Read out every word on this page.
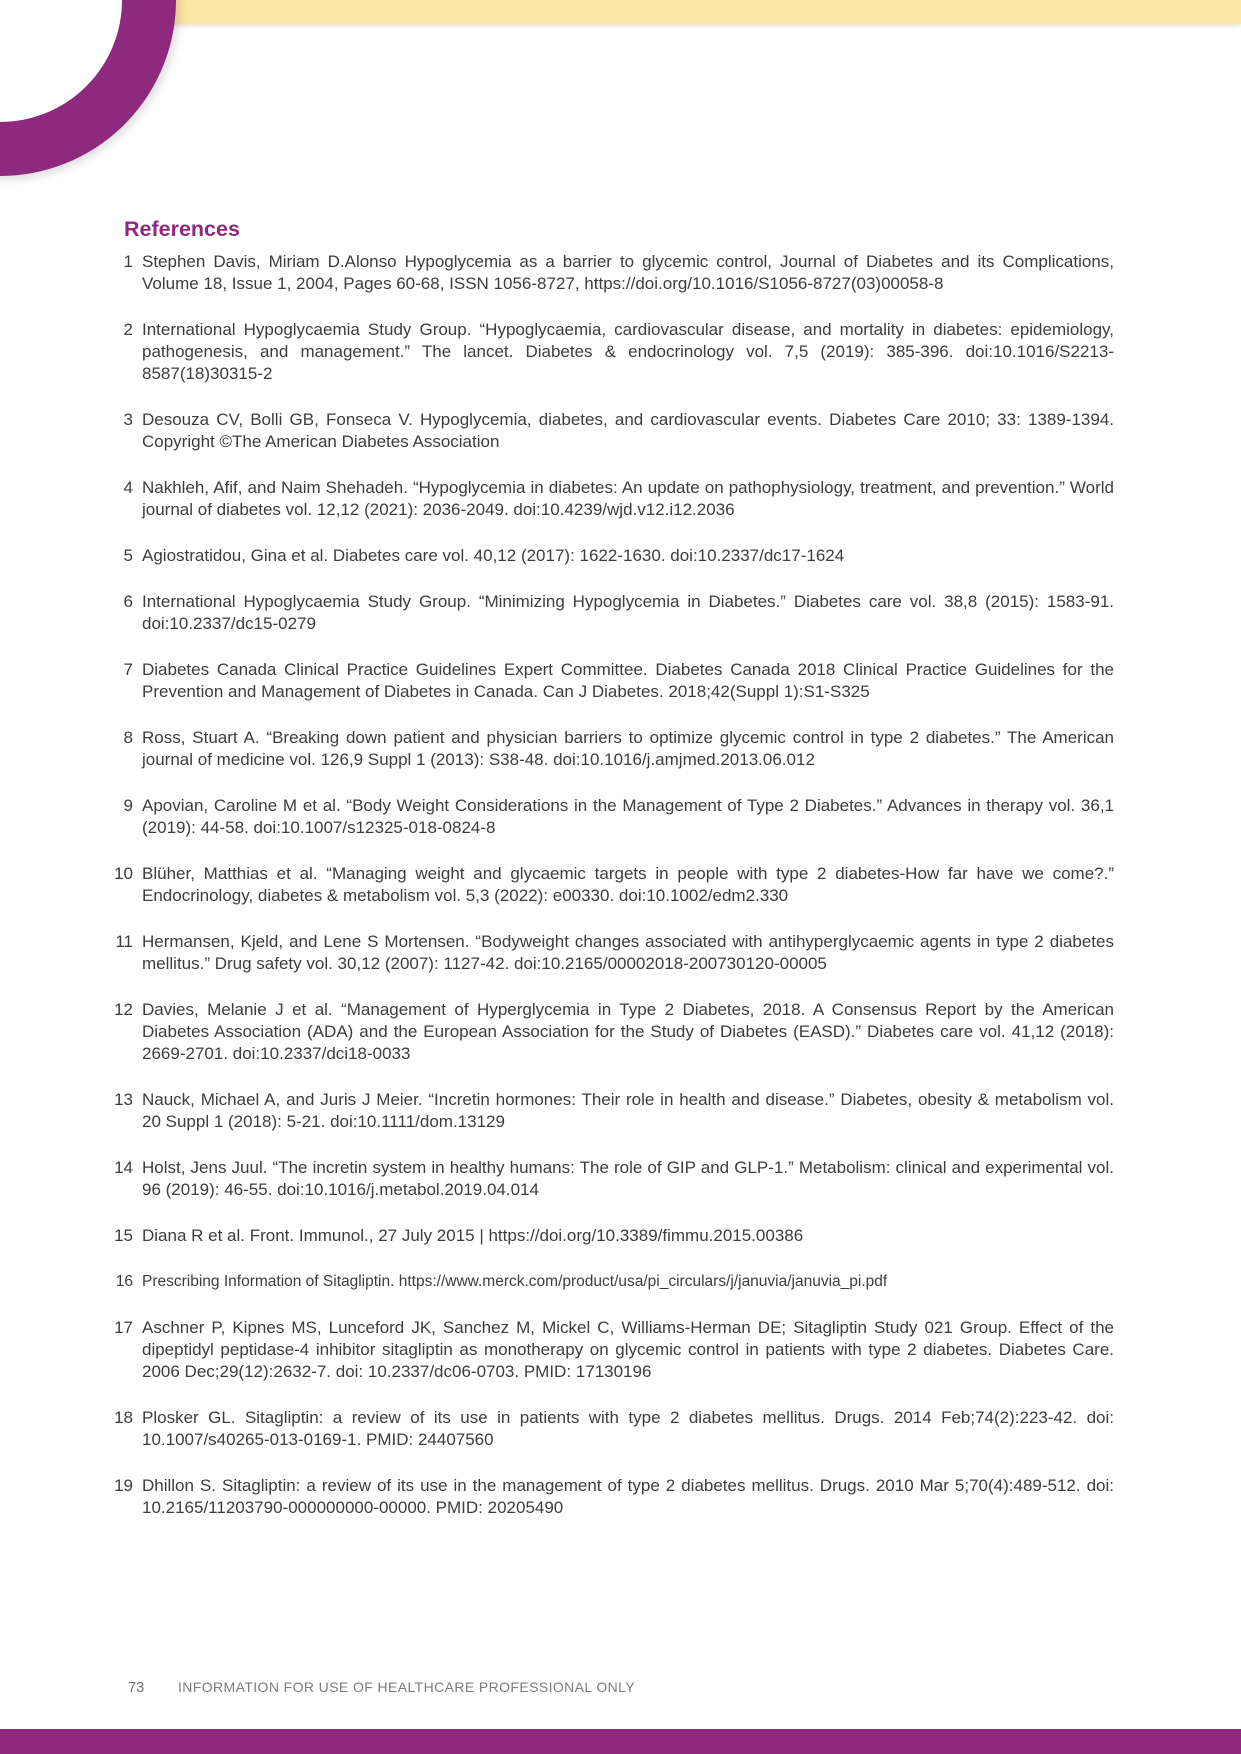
References
1 Stephen Davis, Miriam D.Alonso Hypoglycemia as a barrier to glycemic control, Journal of Diabetes and its Complications, Volume 18, Issue 1, 2004, Pages 60-68, ISSN 1056-8727, https://doi.org/10.1016/S1056-8727(03)00058-8

2 International Hypoglycaemia Study Group. “Hypoglycaemia, cardiovascular disease, and mortality in diabetes: epidemiology, pathogenesis, and management.” The lancet. Diabetes & endocrinology vol. 7,5 (2019): 385-396. doi:10.1016/S2213-8587(18)30315-2

3 Desouza CV, Bolli GB, Fonseca V. Hypoglycemia, diabetes, and cardiovascular events. Diabetes Care 2010; 33: 1389-1394. Copyright ©The American Diabetes Association

4 Nakhleh, Afif, and Naim Shehadeh. “Hypoglycemia in diabetes: An update on pathophysiology, treatment, and prevention.” World journal of diabetes vol. 12,12 (2021): 2036-2049. doi:10.4239/wjd.v12.i12.2036

5 Agiostratidou, Gina et al. Diabetes care vol. 40,12 (2017): 1622-1630. doi:10.2337/dc17-1624

6 International Hypoglycaemia Study Group. “Minimizing Hypoglycemia in Diabetes.” Diabetes care vol. 38,8 (2015): 1583-91. doi:10.2337/dc15-0279

7 Diabetes Canada Clinical Practice Guidelines Expert Committee. Diabetes Canada 2018 Clinical Practice Guidelines for the Prevention and Management of Diabetes in Canada. Can J Diabetes. 2018;42(Suppl 1):S1-S325

8 Ross, Stuart A. “Breaking down patient and physician barriers to optimize glycemic control in type 2 diabetes.” The American journal of medicine vol. 126,9 Suppl 1 (2013): S38-48. doi:10.1016/j.amjmed.2013.06.012

9 Apovian, Caroline M et al. “Body Weight Considerations in the Management of Type 2 Diabetes.” Advances in therapy vol. 36,1 (2019): 44-58. doi:10.1007/s12325-018-0824-8

10 Blüher, Matthias et al. “Managing weight and glycaemic targets in people with type 2 diabetes-How far have we come?.” Endocrinology, diabetes & metabolism vol. 5,3 (2022): e00330. doi:10.1002/edm2.330

11 Hermansen, Kjeld, and Lene S Mortensen. “Bodyweight changes associated with antihyperglycaemic agents in type 2 diabetes mellitus.” Drug safety vol. 30,12 (2007): 1127-42. doi:10.2165/00002018-200730120-00005

12 Davies, Melanie J et al. “Management of Hyperglycemia in Type 2 Diabetes, 2018. A Consensus Report by the American Diabetes Association (ADA) and the European Association for the Study of Diabetes (EASD).” Diabetes care vol. 41,12 (2018): 2669-2701. doi:10.2337/dci18-0033

13 Nauck, Michael A, and Juris J Meier. “Incretin hormones: Their role in health and disease.” Diabetes, obesity & metabolism vol. 20 Suppl 1 (2018): 5-21. doi:10.1111/dom.13129

14 Holst, Jens Juul. “The incretin system in healthy humans: The role of GIP and GLP-1.” Metabolism: clinical and experimental vol. 96 (2019): 46-55. doi:10.1016/j.metabol.2019.04.014

15 Diana R et al. Front. Immunol., 27 July 2015 | https://doi.org/10.3389/fimmu.2015.00386

16 Prescribing Information of Sitagliptin. https://www.merck.com/product/usa/pi_circulars/j/januvia/januvia_pi.pdf

17 Aschner P, Kipnes MS, Lunceford JK, Sanchez M, Mickel C, Williams-Herman DE; Sitagliptin Study 021 Group. Effect of the dipeptidyl peptidase-4 inhibitor sitagliptin as monotherapy on glycemic control in patients with type 2 diabetes. Diabetes Care. 2006 Dec;29(12):2632-7. doi: 10.2337/dc06-0703. PMID: 17130196

18 Plosker GL. Sitagliptin: a review of its use in patients with type 2 diabetes mellitus. Drugs. 2014 Feb;74(2):223-42. doi: 10.1007/s40265-013-0169-1. PMID: 24407560

19 Dhillon S. Sitagliptin: a review of its use in the management of type 2 diabetes mellitus. Drugs. 2010 Mar 5;70(4):489-512. doi: 10.2165/11203790-000000000-00000. PMID: 20205490

73	INFORMATION FOR USE OF HEALTHCARE PROFESSIONAL ONLY
